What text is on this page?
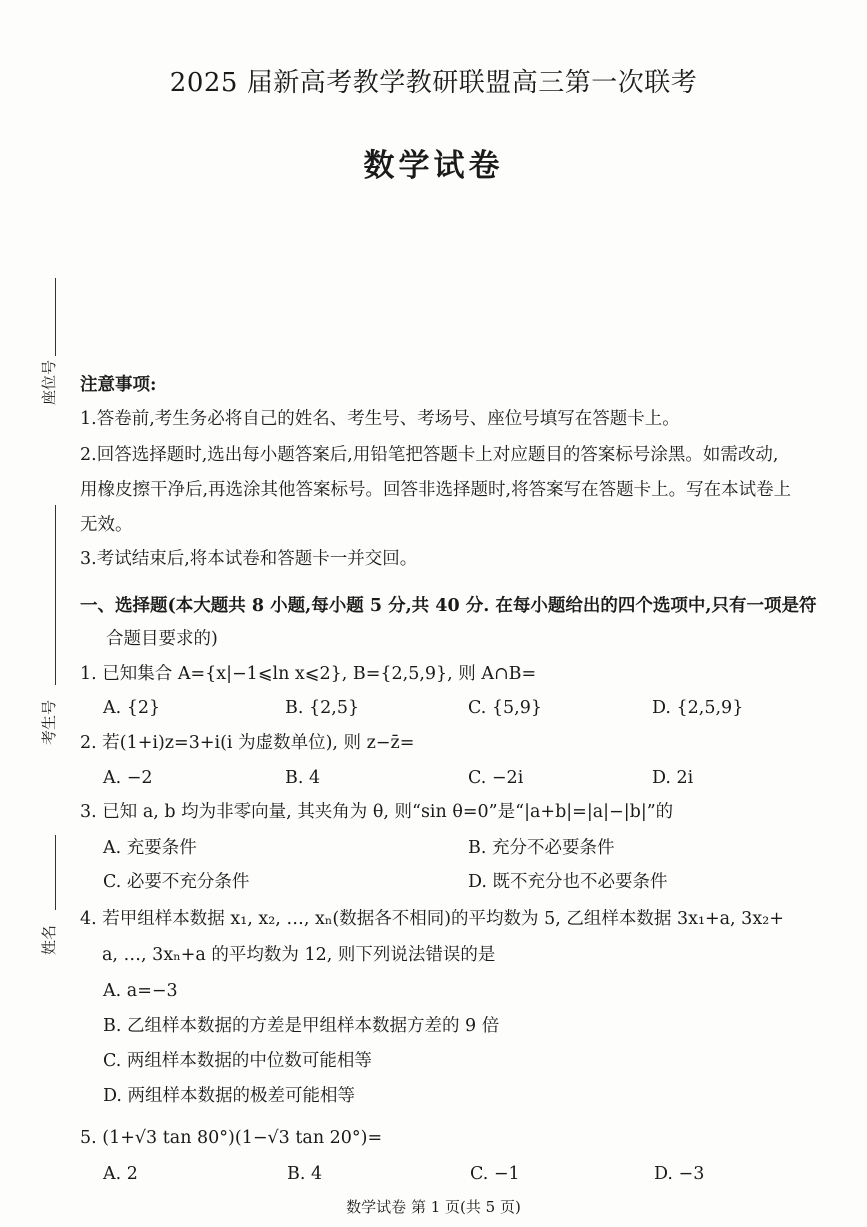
2025 届新高考教学教研联盟高三第一次联考
数学试卷
座位号
考生号
姓名
注意事项:
1.答卷前,考生务必将自己的姓名、考生号、考场号、座位号填写在答题卡上。
2.回答选择题时,选出每小题答案后,用铅笔把答题卡上对应题目的答案标号涂黑。如需改动,
用橡皮擦干净后,再选涂其他答案标号。回答非选择题时,将答案写在答题卡上。写在本试卷上
无效。
3.考试结束后,将本试卷和答题卡一并交回。
一、选择题(本大题共 8 小题,每小题 5 分,共 40 分. 在每小题给出的四个选项中,只有一项是符
合题目要求的)
1. 已知集合 A={x|−1⩽ln x⩽2}, B={2,5,9}, 则 A∩B=
A. {2}	B. {2,5}	C. {5,9}	D. {2,5,9}
2. 若(1+i)z=3+i(i 为虚数单位), 则 z−z̄=
A. −2	B. 4	C. −2i	D. 2i
3. 已知 a, b 均为非零向量, 其夹角为 θ, 则“sin θ=0”是“|a+b|=|a|−|b|”的
A. 充要条件	B. 充分不必要条件
C. 必要不充分条件	D. 既不充分也不必要条件
4. 若甲组样本数据 x₁, x₂, …, xₙ(数据各不相同)的平均数为 5, 乙组样本数据 3x₁+a, 3x₂+
a, …, 3xₙ+a 的平均数为 12, 则下列说法错误的是
A. a=−3
B. 乙组样本数据的方差是甲组样本数据方差的 9 倍
C. 两组样本数据的中位数可能相等
D. 两组样本数据的极差可能相等
5. (1+√3 tan 80°)(1−√3 tan 20°)=
A. 2	B. 4	C. −1	D. −3
数学试卷 第 1 页(共 5 页)
